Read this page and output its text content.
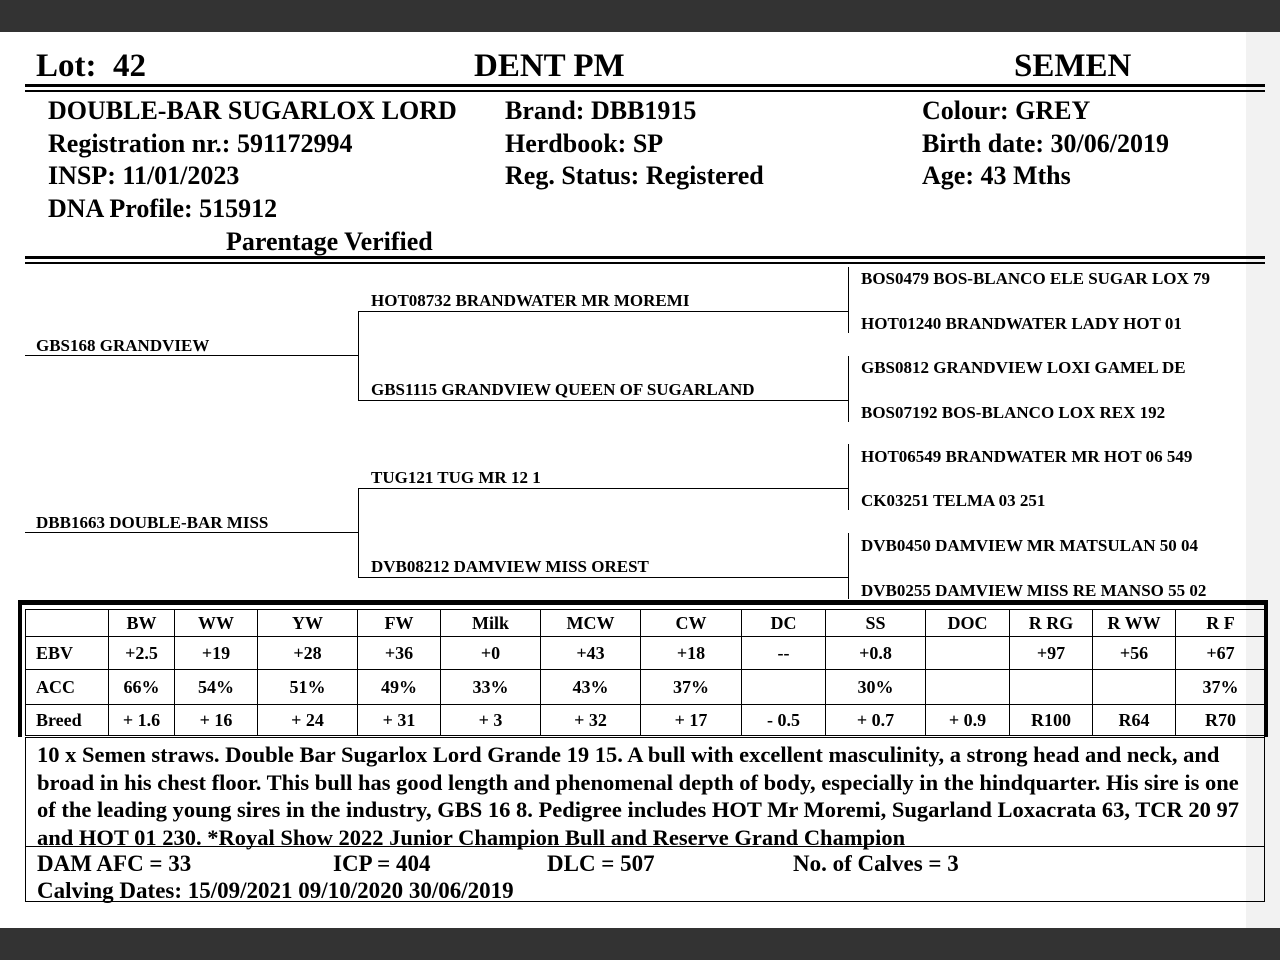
Lot: 42	DENT PM	SEMEN
DOUBLE-BAR SUGARLOX LORD
Registration nr.: 591172994
INSP: 11/01/2023
DNA Profile: 515912
Parentage Verified
Brand: DBB1915
Herdbook: SP
Reg. Status: Registered
Colour: GREY
Birth date: 30/06/2019
Age: 43 Mths
GBS168 GRANDVIEW
DBB1663 DOUBLE-BAR MISS
HOT08732 BRANDWATER MR MOREMI
GBS1115 GRANDVIEW QUEEN OF SUGARLAND
TUG121 TUG MR 12 1
DVB08212 DAMVIEW MISS OREST
BOS0479 BOS-BLANCO ELE SUGAR LOX 79
HOT01240 BRANDWATER LADY HOT 01
GBS0812 GRANDVIEW LOXI GAMEL DE
BOS07192 BOS-BLANCO LOX REX 192
HOT06549 BRANDWATER MR HOT 06 549
CK03251 TELMA 03 251
DVB0450 DAMVIEW MR MATSULAN 50 04
DVB0255 DAMVIEW MISS RE MANSO 55 02
	BW	WW	YW	FW	Milk	MCW	CW	DC	SS	DOC	R RG	R WW	R F
EBV	+2.5	+19	+28	+36	+0	+43	+18	--	+0.8		+97	+56	+67
ACC	66%	54%	51%	49%	33%	43%	37%		30%				37%
Breed	+ 1.6	+ 16	+ 24	+ 31	+ 3	+ 32	+ 17	- 0.5	+ 0.7	+ 0.9	R100	R64	R70

10 x Semen straws. Double Bar Sugarlox Lord Grande 19 15. A bull with excellent masculinity, a strong head and neck, and broad in his chest floor. This bull has good length and phenomenal depth of body, especially in the hindquarter. His sire is one of the leading young sires in the industry, GBS 16 8. Pedigree includes HOT Mr Moremi, Sugarland Loxacrata 63, TCR 20 97 and HOT 01 230. *Royal Show 2022 Junior Champion Bull and Reserve Grand Champion

DAM AFC = 33	ICP = 404	DLC = 507	No. of Calves = 3
Calving Dates: 15/09/2021 09/10/2020 30/06/2019
